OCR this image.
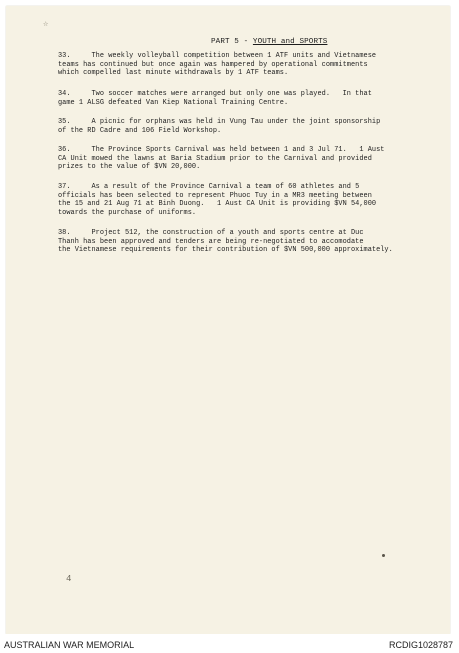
☆
PART 5 - YOUTH and SPORTS
33.     The weekly volleyball competition between 1 ATF units and Vietnamese
teams has continued but once again was hampered by operational commitments
which compelled last minute withdrawals by 1 ATF teams.
34.     Two soccer matches were arranged but only one was played.   In that
game 1 ALSG defeated Van Kiep National Training Centre.
35.     A picnic for orphans was held in Vung Tau under the joint sponsorship
of the RD Cadre and 106 Field Workshop.
36.     The Province Sports Carnival was held between 1 and 3 Jul 71.   1 Aust
CA Unit mowed the lawns at Baria Stadium prior to the Carnival and provided
prizes to the value of $VN 20,000.
37.     As a result of the Province Carnival a team of 60 athletes and 5
officials has been selected to represent Phuoc Tuy in a MR3 meeting between
the 15 and 21 Aug 71 at Binh Duong.   1 Aust CA Unit is providing $VN 54,000
towards the purchase of uniforms.
38.     Project 512, the construction of a youth and sports centre at Duc
Thanh has been approved and tenders are being re-negotiated to accomodate
the Vietnamese requirements for their contribution of $VN 500,000 approximately.
4
AUSTRALIAN WAR MEMORIAL	RCDIG1028787
